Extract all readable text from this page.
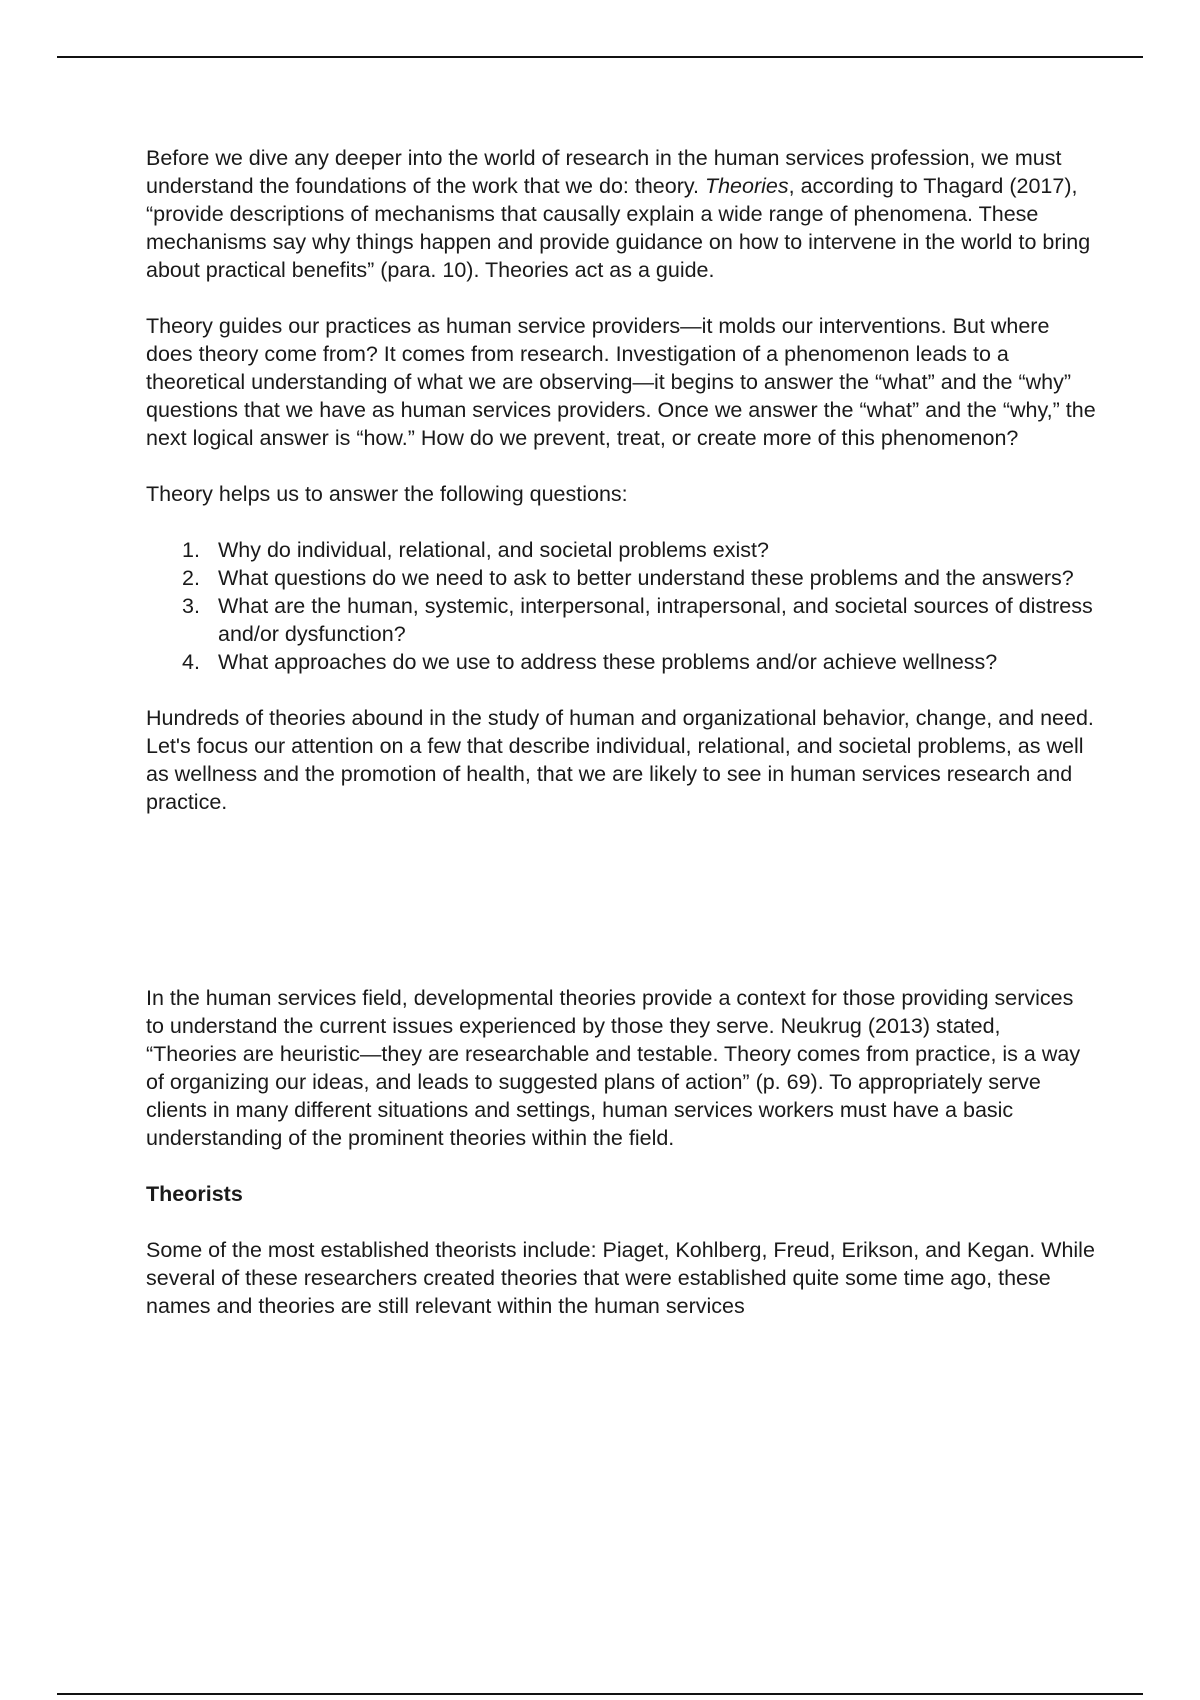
Before we dive any deeper into the world of research in the human services profession, we must understand the foundations of the work that we do: theory. Theories, according to Thagard (2017), “provide descriptions of mechanisms that causally explain a wide range of phenomena. These mechanisms say why things happen and provide guidance on how to intervene in the world to bring about practical benefits” (para. 10). Theories act as a guide.

Theory guides our practices as human service providers—it molds our interventions. But where does theory come from? It comes from research. Investigation of a phenomenon leads to a theoretical understanding of what we are observing—it begins to answer the “what” and the “why” questions that we have as human services providers. Once we answer the “what” and the “why,” the next logical answer is “how.” How do we prevent, treat, or create more of this phenomenon?

Theory helps us to answer the following questions:

1. Why do individual, relational, and societal problems exist?
2. What questions do we need to ask to better understand these problems and the answers?
3. What are the human, systemic, interpersonal, intrapersonal, and societal sources of distress and/or dysfunction?
4. What approaches do we use to address these problems and/or achieve wellness?

Hundreds of theories abound in the study of human and organizational behavior, change, and need. Let's focus our attention on a few that describe individual, relational, and societal problems, as well as wellness and the promotion of health, that we are likely to see in human services research and practice.

In the human services field, developmental theories provide a context for those providing services to understand the current issues experienced by those they serve. Neukrug (2013) stated, “Theories are heuristic—they are researchable and testable. Theory comes from practice, is a way of organizing our ideas, and leads to suggested plans of action” (p. 69). To appropriately serve clients in many different situations and settings, human services workers must have a basic understanding of the prominent theories within the field.

Theorists

Some of the most established theorists include: Piaget, Kohlberg, Freud, Erikson, and Kegan. While several of these researchers created theories that were established quite some time ago, these names and theories are still relevant within the human services
